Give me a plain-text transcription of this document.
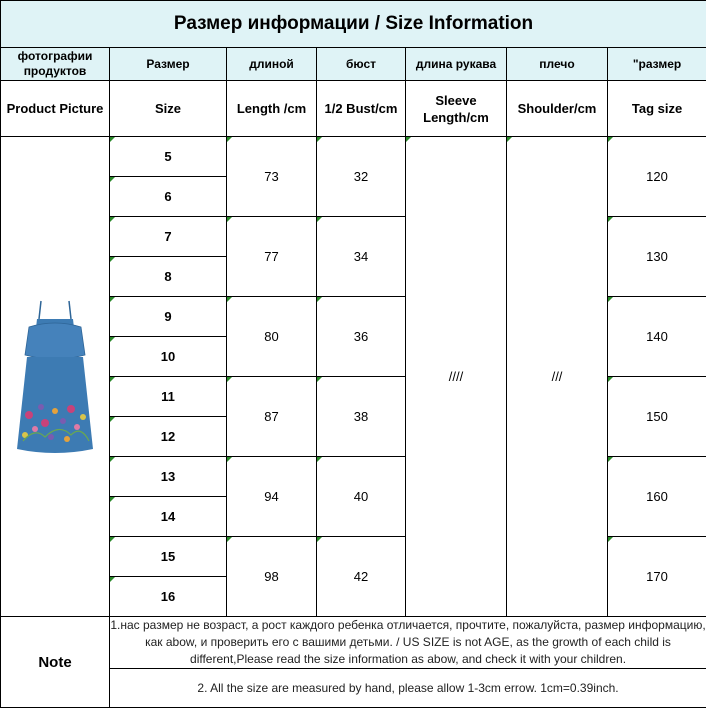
Размер информации / Size Information						
фотографии продуктов	Размер	длиной	бюст	длина рукава	плечо	"размер
Product Picture	Size	Length /cm	1/2 Bust/cm	Sleeve Length/cm	Shoulder/cm	Tag size

	5	73	32	////	///	120
	6					
	7	77	34			130
	8					
	9	80	36			140
	10					
	11	87	38			150
	12					
	13	94	40			160
	14					
	15	98	42			170
	16					
Note	1.нас размер не возраст, а рост каждого ребенка отличается, прочтите, пожалуйста, размер информацию, как abow, и проверить его с вашими детьми. / US SIZE is not AGE, as the growth of each child is different,Please read the size information as abow, and check it with your children.					
	2. All the size are measured by hand, please allow 1-3cm errow. 1cm=0.39inch.					
